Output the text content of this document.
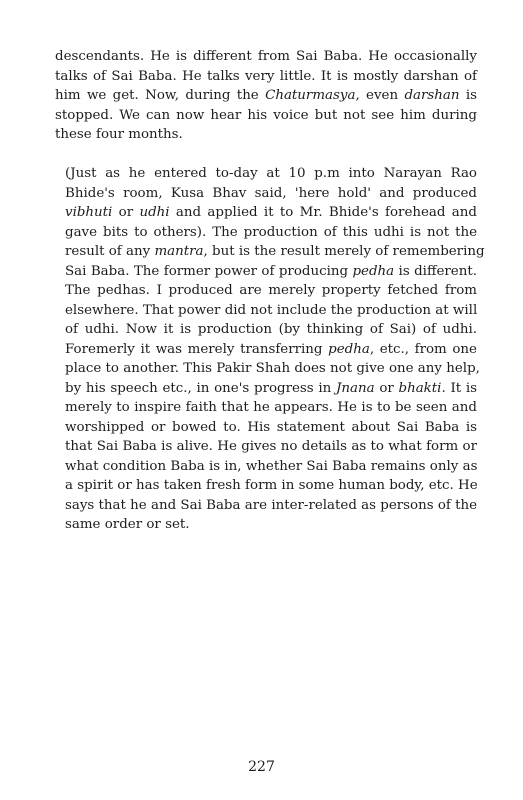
descendants. He is different from Sai Baba. He occasionally
talks of Sai Baba. He talks very little. It is mostly darshan of
him we get. Now, during the Chaturmasya, even darshan is
stopped. We can now hear his voice but not see him during
these four months.
(Just as he entered to-day at 10 p.m into Narayan Rao
Bhide's room, Kusa Bhav said, 'here hold' and produced
vibhuti or udhi and applied it to Mr. Bhide's forehead and
gave bits to others). The production of this udhi is not the
result of any mantra, but is the result merely of remembering
Sai Baba. The former power of producing pedha is different.
The pedhas. I produced are merely property fetched from
elsewhere. That power did not include the production at will
of udhi. Now it is production (by thinking of Sai) of udhi.
Foremerly it was merely transferring pedha, etc., from one
place to another. This Pakir Shah does not give one any help,
by his speech etc., in one's progress in Jnana or bhakti. It is
merely to inspire faith that he appears. He is to be seen and
worshipped or bowed to. His statement about Sai Baba is
that Sai Baba is alive. He gives no details as to what form or
what condition Baba is in, whether Sai Baba remains only as
a spirit or has taken fresh form in some human body, etc. He
says that he and Sai Baba are inter-related as persons of the
same order or set.
227
